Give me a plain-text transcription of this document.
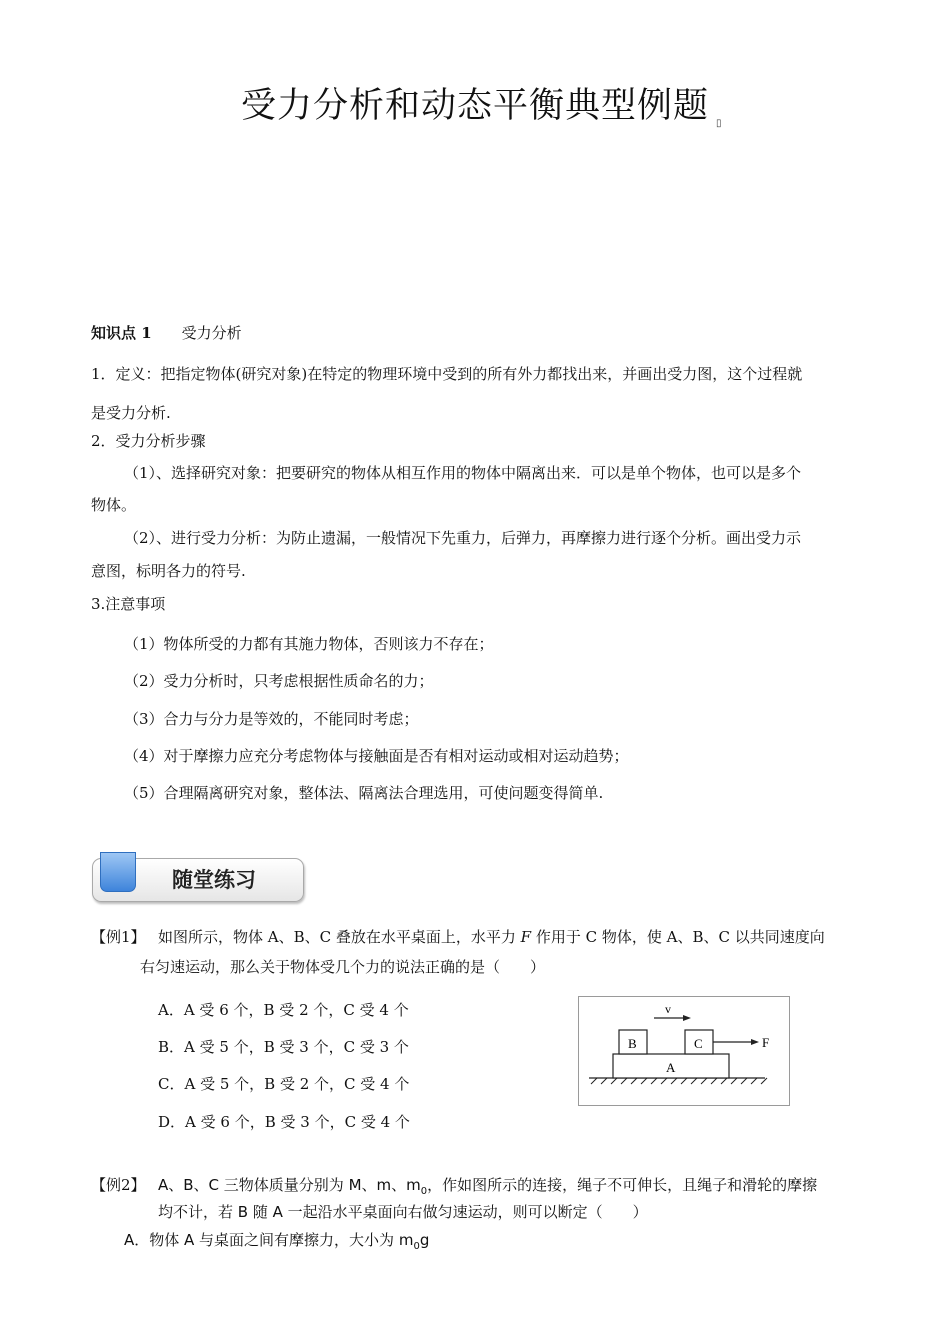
受力分析和动态平衡典型例题 ▯
知识点 1 受力分析
1．定义：把指定物体(研究对象)在特定的物理环境中受到的所有外力都找出来，并画出受力图，这个过程就
是受力分析.
2．受力分析步骤
（1）、选择研究对象：把要研究的物体从相互作用的物体中隔离出来．可以是单个物体，也可以是多个
物体。
（2）、进行受力分析：为防止遗漏，一般情况下先重力，后弹力，再摩擦力进行逐个分析。画出受力示
意图，标明各力的符号.
3.注意事项
（1）物体所受的力都有其施力物体，否则该力不存在；
（2）受力分析时，只考虑根据性质命名的力；
（3）合力与分力是等效的，不能同时考虑；
（4）对于摩擦力应充分考虑物体与接触面是否有相对运动或相对运动趋势；
（5）合理隔离研究对象，整体法、隔离法合理选用，可使问题变得简单.
随堂练习
【例1】 如图所示，物体 A、B、C 叠放在水平桌面上，水平力 F 作用于 C 物体，使 A、B、C 以共同速度向
右匀速运动，那么关于物体受几个力的说法正确的是（　　）
A．A 受 6 个，B 受 2 个，C 受 4 个
B．A 受 5 个，B 受 3 个，C 受 3 个
C．A 受 5 个，B 受 2 个，C 受 4 个
D．A 受 6 个，B 受 3 个，C 受 4 个
v
A
B	C	F
【例2】 A、B、C 三物体质量分别为 M、m、$m_0$，作如图所示的连接，绳子不可伸长，且绳子和滑轮的摩擦
均不计，若 B 随 A 一起沿水平桌面向右做匀速运动，则可以断定（　　）
A．物体 A 与桌面之间有摩擦力，大小为 $m_0g$
